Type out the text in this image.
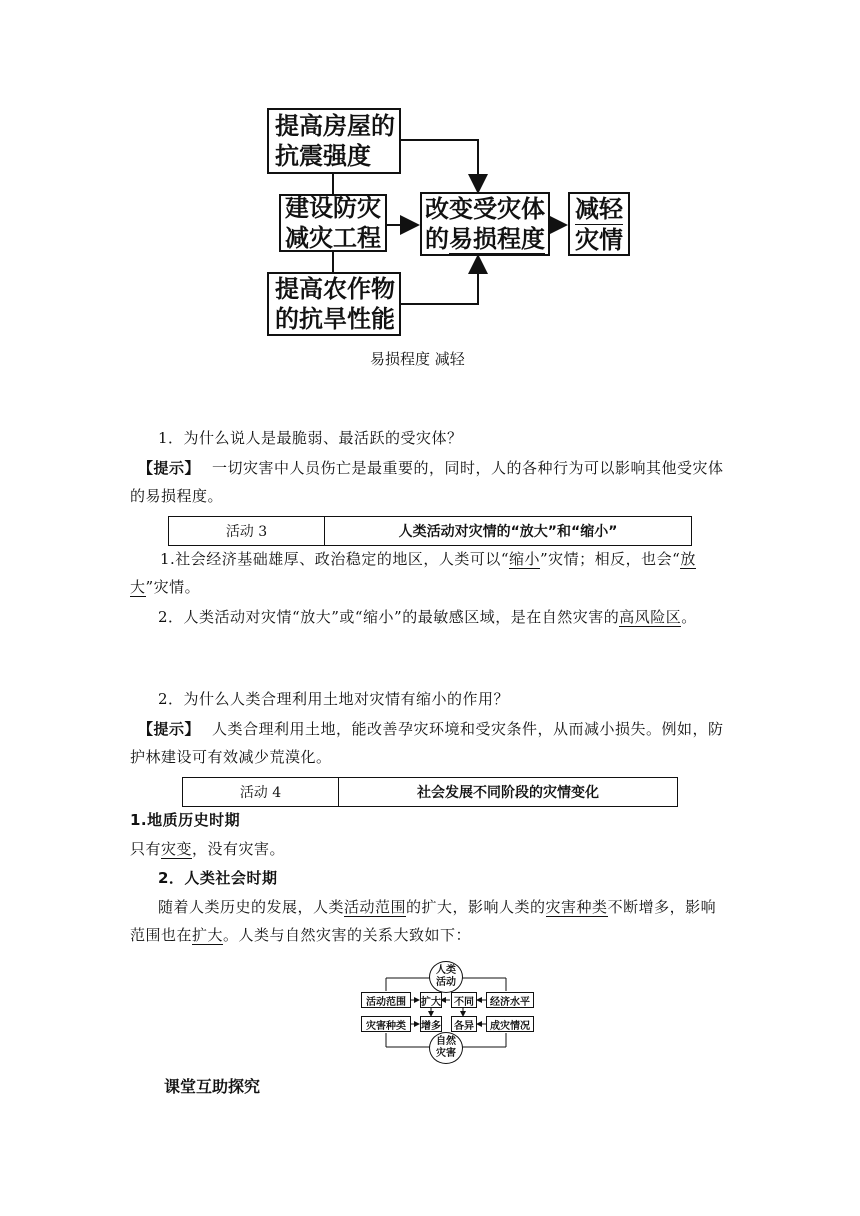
提高房屋的
抗震强度
建设防灾
减灾工程
提高农作物
的抗旱性能
改变受灾体
的易损程度
减轻
灾情
易损程度 减轻
1．为什么说人是最脆弱、最活跃的受灾体？
【提示】 一切灾害中人员伤亡是最重要的，同时，人的各种行为可以影响其他受灾体的易损程度。
活动 3	人类活动对灾情的“放大”和“缩小”
1.社会经济基础雄厚、政治稳定的地区，人类可以“缩小”灾情；相反，也会“放大”灾情。
2．人类活动对灾情“放大”或“缩小”的最敏感区域，是在自然灾害的高风险区。
2．为什么人类合理利用土地对灾情有缩小的作用？
【提示】 人类合理利用土地，能改善孕灾环境和受灾条件，从而减小损失。例如，防护林建设可有效减少荒漠化。
活动 4	社会发展不同阶段的灾情变化
1.地质历史时期
只有灾变，没有灾害。
2．人类社会时期
随着人类历史的发展，人类活动范围的扩大，影响人类的灾害种类不断增多，影响范围也在扩大。人类与自然灾害的关系大致如下：
人类
活动
自然
灾害
活动范围	扩大	不同	经济水平
灾害种类	增多	各异	成灾情况
课堂互助探究
